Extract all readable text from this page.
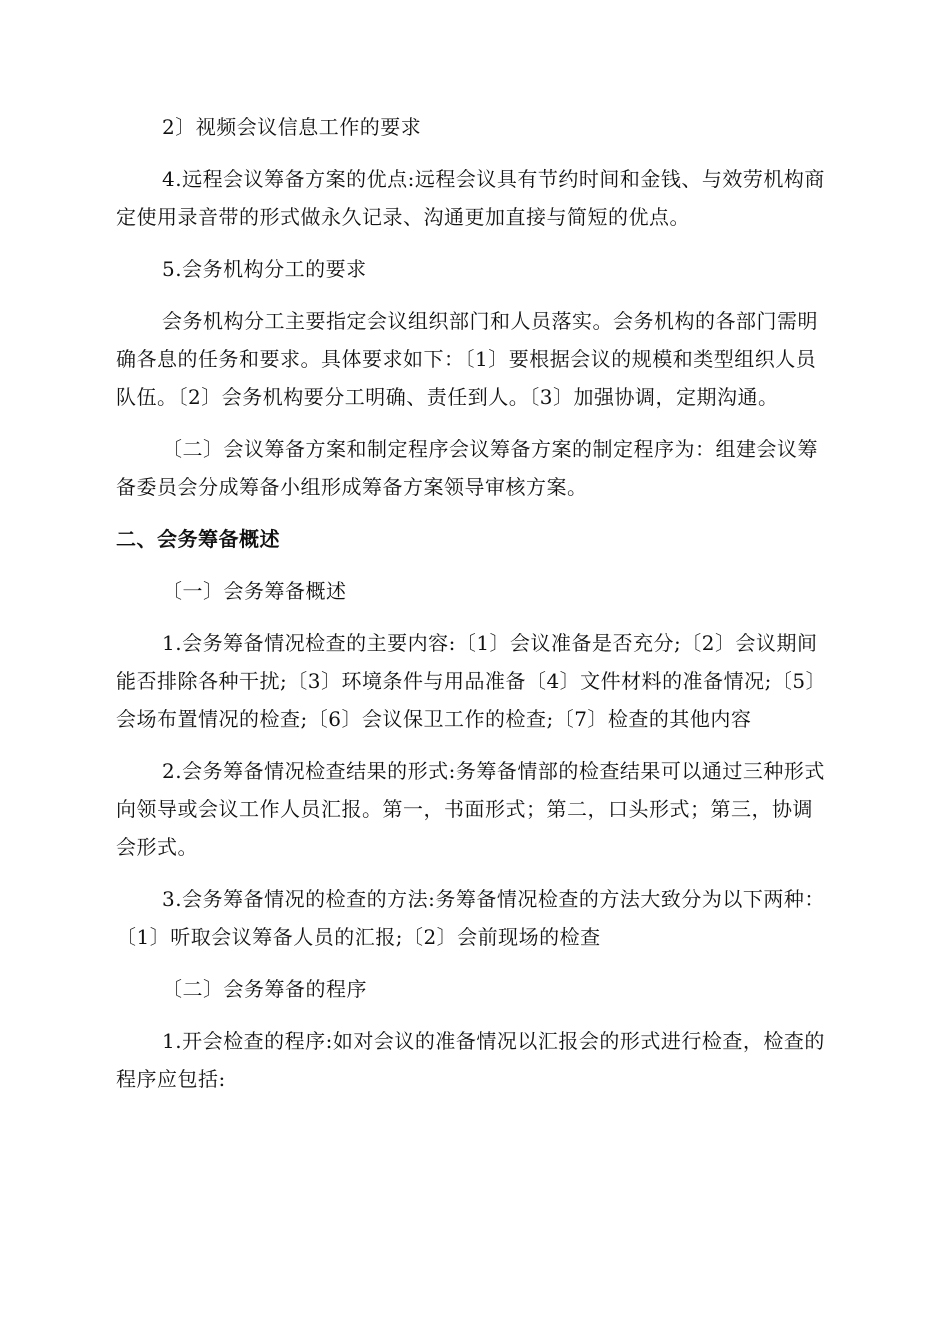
2〕视频会议信息工作的要求

4.远程会议筹备方案的优点:远程会议具有节约时间和金钱、与效劳机构商定使用录音带的形式做永久记录、沟通更加直接与简短的优点。

5.会务机构分工的要求

会务机构分工主要指定会议组织部门和人员落实。会务机构的各部门需明确各息的任务和要求。具体要求如下：〔1〕要根据会议的规模和类型组织人员队伍。〔2〕会务机构要分工明确、责任到人。〔3〕加强协调，定期沟通。

〔二〕会议筹备方案和制定程序会议筹备方案的制定程序为：组建会议筹备委员会分成筹备小组形成筹备方案领导审核方案。

二、会务筹备概述

〔一〕会务筹备概述

1.会务筹备情况检查的主要内容:〔1〕会议准备是否充分;〔2〕会议期间能否排除各种干扰;〔3〕环境条件与用品准备〔4〕文件材料的准备情况;〔5〕会场布置情况的检查;〔6〕会议保卫工作的检查;〔7〕检查的其他内容

2.会务筹备情况检查结果的形式:务筹备情部的检查结果可以通过三种形式向领导或会议工作人员汇报。第一，书面形式；第二，口头形式；第三，协调会形式。

3.会务筹备情况的检查的方法:务筹备情况检查的方法大致分为以下两种：〔1〕听取会议筹备人员的汇报;〔2〕会前现场的检查

〔二〕会务筹备的程序

1.开会检查的程序:如对会议的准备情况以汇报会的形式进行检查，检查的程序应包括:
